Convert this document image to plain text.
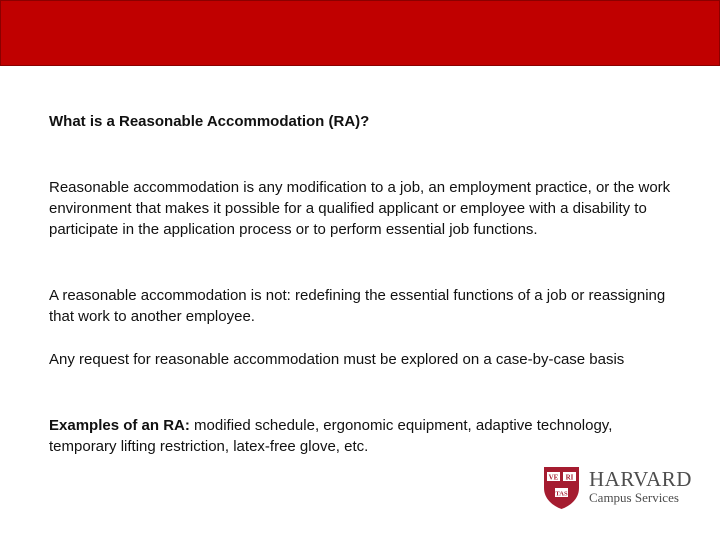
What is a Reasonable Accommodation (RA)?

Reasonable accommodation is any modification to a job, an employment practice, or the work environment that makes it possible for a qualified applicant or employee with a disability to participate in the application process or to perform essential job functions.

A reasonable accommodation is not: redefining the essential functions of a job or reassigning that work to another employee.

Any request for reasonable accommodation must be explored on a case-by-case basis

Examples of an RA: modified schedule, ergonomic equipment, adaptive technology, temporary lifting restriction, latex-free glove, etc.

VE RI
TAS
HARVARD
Campus Services
